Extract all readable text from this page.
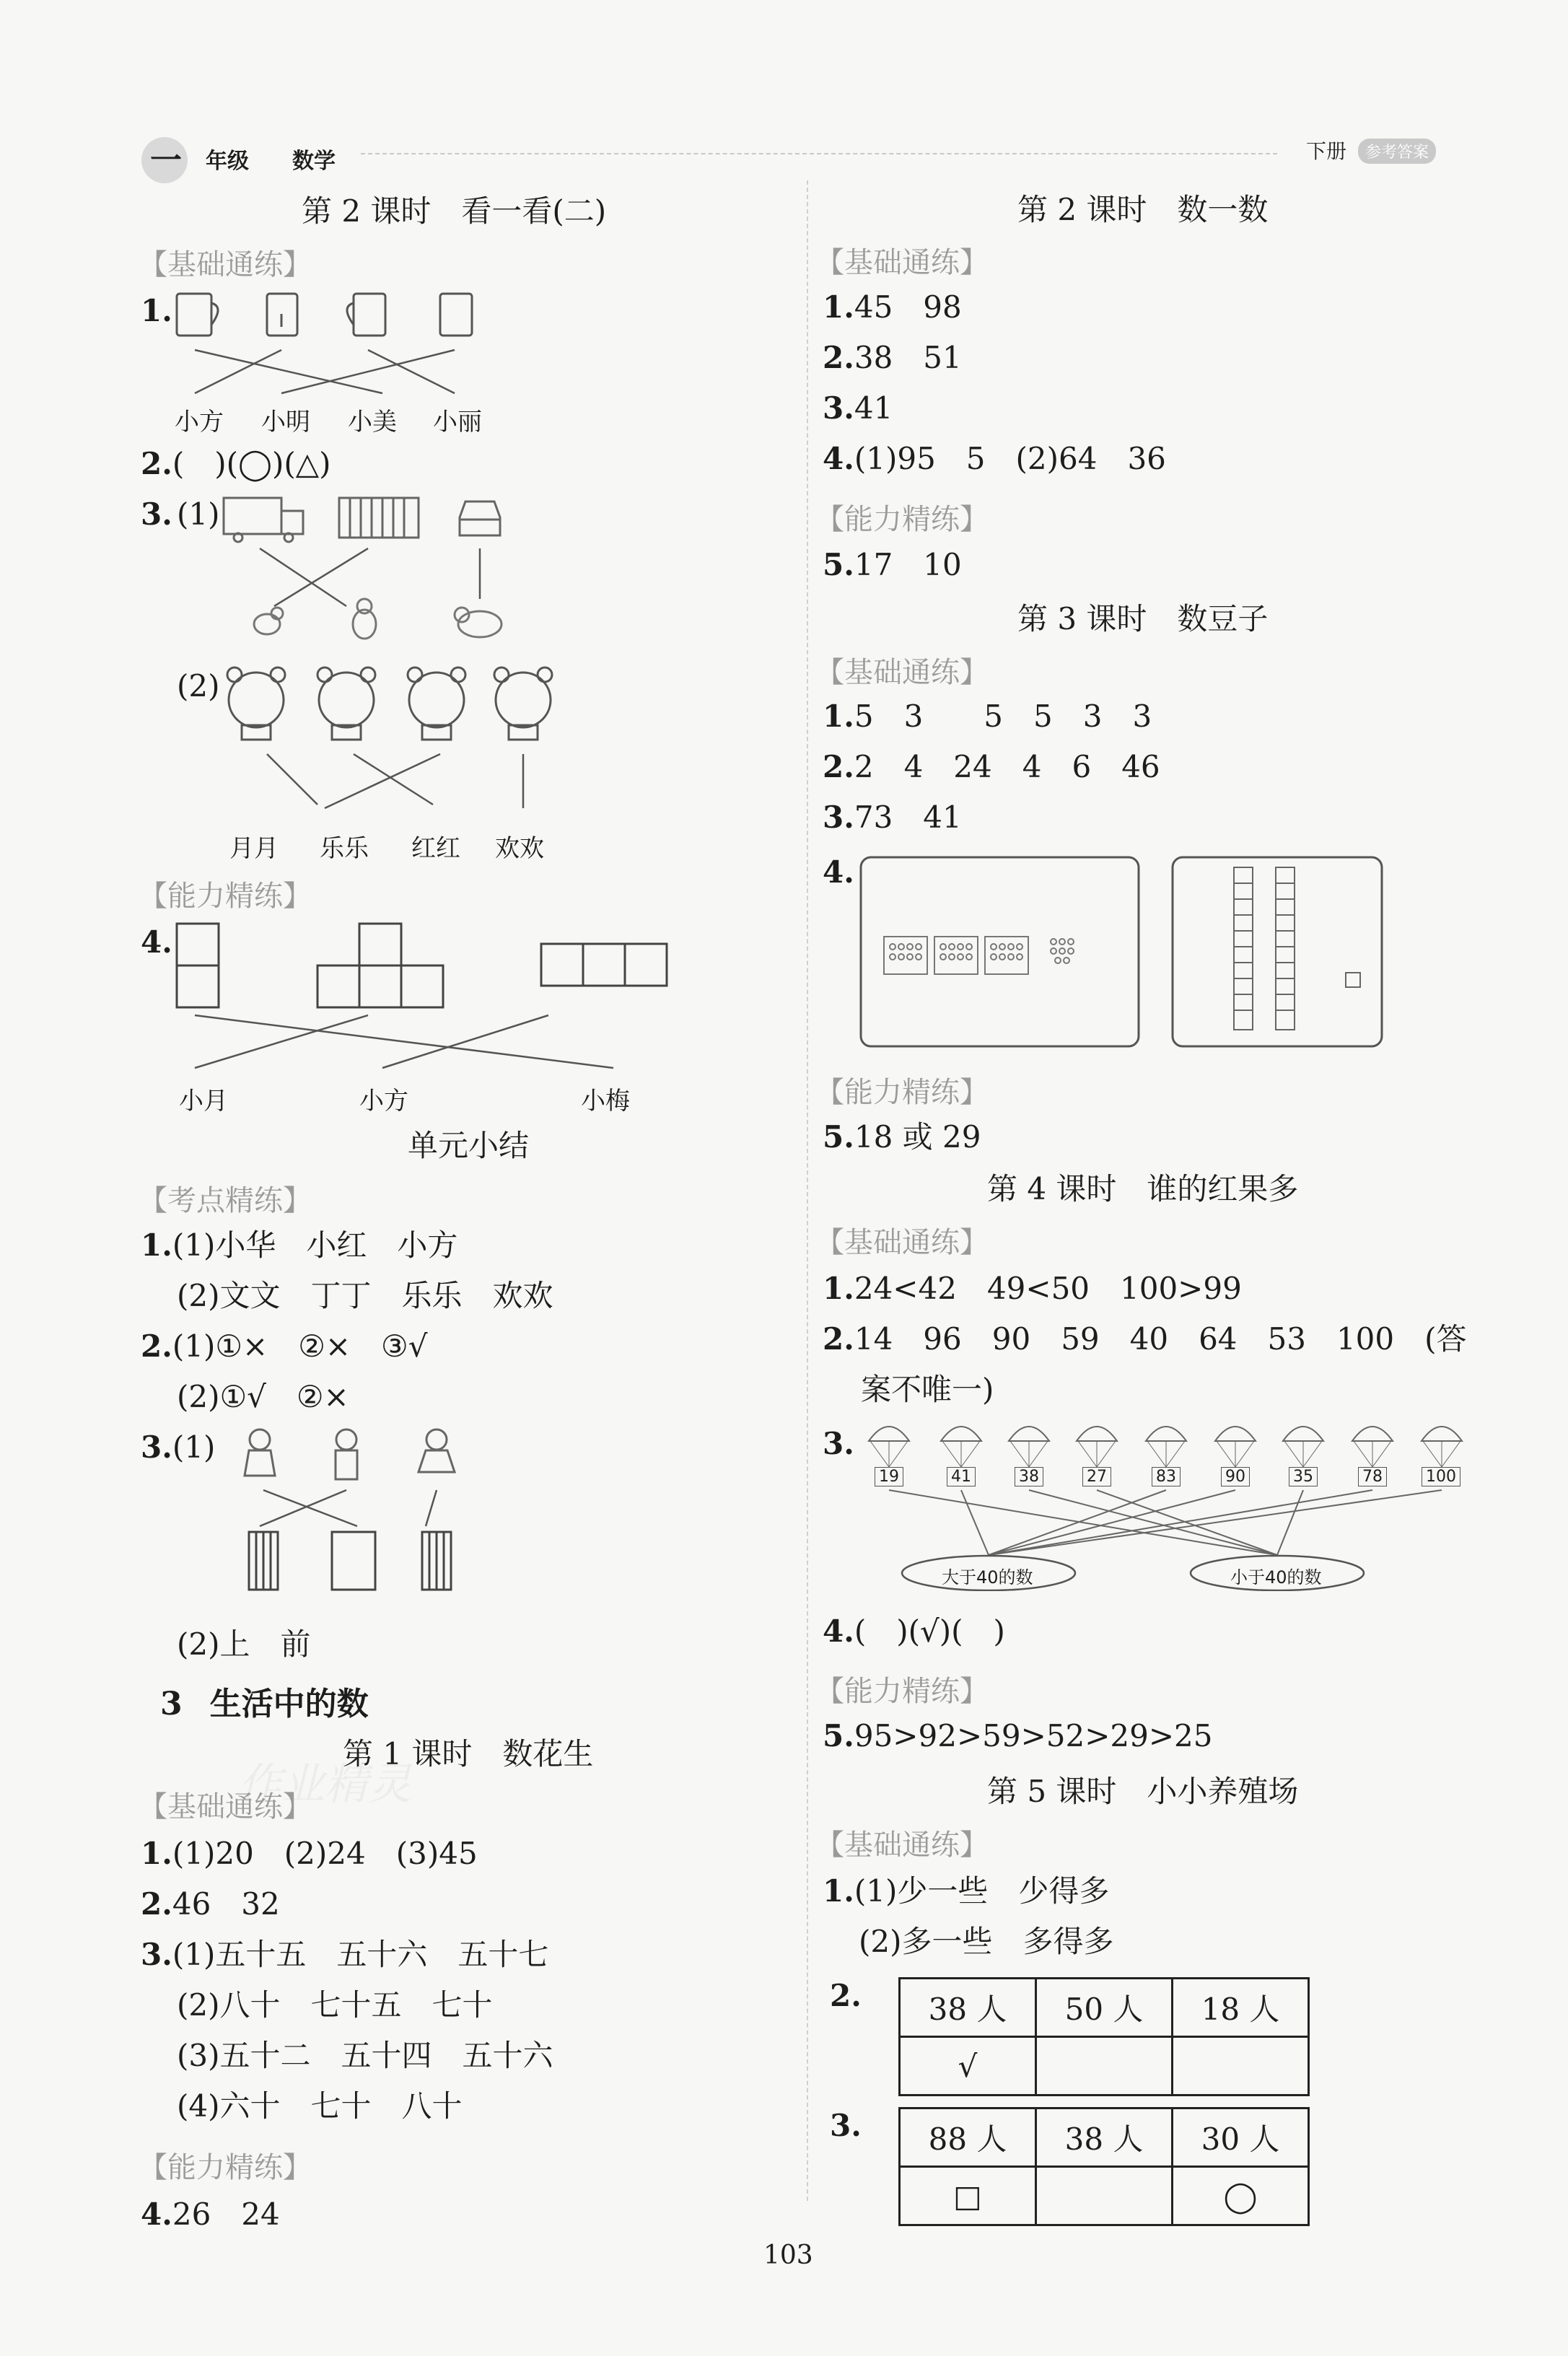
一 年级 数学	下册	参考答案
第 2 课时　看一看(二)
【基础通练】
1.
小方 小明 小美 小丽
2.(　)(◯)(△)
3. (1)
(2)
月月 乐乐 红红 欢欢
【能力精练】
4.
小月	小方	小梅
单元小结
【考点精练】
1.(1)小华　小红　小方
(2)文文　丁丁　乐乐　欢欢
2.(1)①×　②×　③√
(2)①√　②×
3.(1)
(2)上　前
3 生活中的数
第 1 课时　数花生
作业精灵
【基础通练】
1.(1)20　(2)24　(3)45
2.46　32
3.(1)五十五　五十六　五十七
(2)八十　七十五　七十
(3)五十二　五十四　五十六
(4)六十　七十　八十
【能力精练】
4.26　24
第 2 课时　数一数
【基础通练】
1.45　98
2.38　51
3.41
4.(1)95　5　(2)64　36
【能力精练】
5.17　10
第 3 课时　数豆子
【基础通练】
1.5　3　　5　5　3　3
2.2　4　24　4　6　46
3.73　41
4.
【能力精练】
5.18 或 29
第 4 课时　谁的红果多
【基础通练】
1.24<42　49<50　100>99
2.14　96　90　59　40　64　53　100　(答
案不唯一)
3.
19	41	38	27	83	90	35	78	100
大于40的数	小于40的数
4.(　)(√)(　)
【能力精练】
5.95>92>59>52>29>25
第 5 课时　小小养殖场
【基础通练】
1.(1)少一些　少得多
(2)多一些　多得多
2. 38 人	50 人	18 人
√		
3. 88 人	38 人	30 人
□		◯
103
